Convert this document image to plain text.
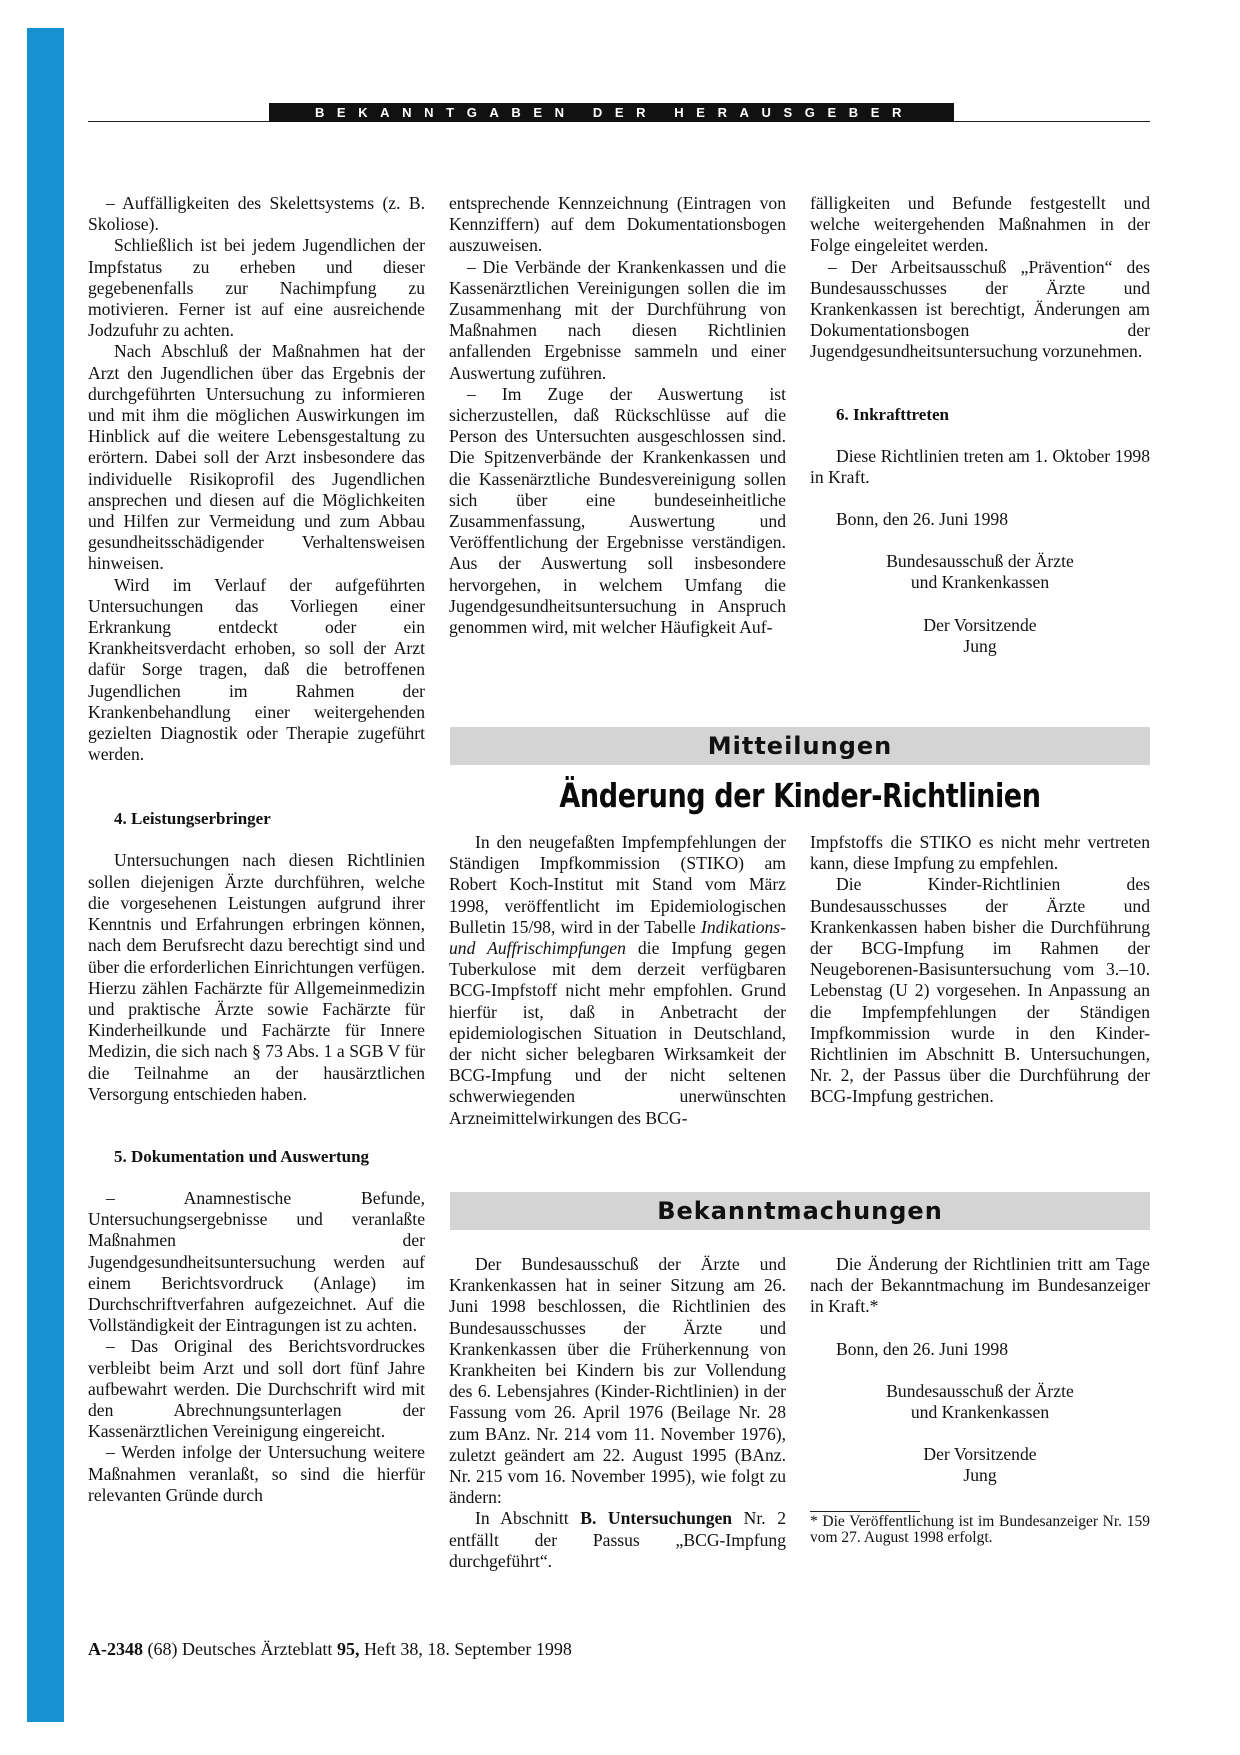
BEKANNTGABEN DER HERAUSGEBER

– Auffälligkeiten des Skelettsystems (z. B. Skoliose).

Schließlich ist bei jedem Jugendlichen der Impfstatus zu erheben und dieser gegebenenfalls zur Nachimpfung zu motivieren. Ferner ist auf eine ausreichende Jodzufuhr zu achten.

Nach Abschluß der Maßnahmen hat der Arzt den Jugendlichen über das Ergebnis der durchgeführten Untersuchung zu informieren und mit ihm die möglichen Auswirkungen im Hinblick auf die weitere Lebensgestaltung zu erörtern. Dabei soll der Arzt insbesondere das individuelle Risikoprofil des Jugendlichen ansprechen und diesen auf die Möglichkeiten und Hilfen zur Vermeidung und zum Abbau gesundheitsschädigender Verhaltensweisen hinweisen.

Wird im Verlauf der aufgeführten Untersuchungen das Vorliegen einer Erkrankung entdeckt oder ein Krankheitsverdacht erhoben, so soll der Arzt dafür Sorge tragen, daß die betroffenen Jugendlichen im Rahmen der Krankenbehandlung einer weitergehenden gezielten Diagnostik oder Therapie zugeführt werden.

4. Leistungserbringer

Untersuchungen nach diesen Richtlinien sollen diejenigen Ärzte durchführen, welche die vorgesehenen Leistungen aufgrund ihrer Kenntnis und Erfahrungen erbringen können, nach dem Berufsrecht dazu berechtigt sind und über die erforderlichen Einrichtungen verfügen. Hierzu zählen Fachärzte für Allgemeinmedizin und praktische Ärzte sowie Fachärzte für Kinderheilkunde und Fachärzte für Innere Medizin, die sich nach § 73 Abs. 1 a SGB V für die Teilnahme an der hausärztlichen Versorgung entschieden haben.

5. Dokumentation und Auswertung

– Anamnestische Befunde, Untersuchungsergebnisse und veranlaßte Maßnahmen der Jugendgesundheitsuntersuchung werden auf einem Berichtsvordruck (Anlage) im Durchschriftverfahren aufgezeichnet. Auf die Vollständigkeit der Eintragungen ist zu achten.

– Das Original des Berichtsvordruckes verbleibt beim Arzt und soll dort fünf Jahre aufbewahrt werden. Die Durchschrift wird mit den Abrechnungsunterlagen der Kassenärztlichen Vereinigung eingereicht.

– Werden infolge der Untersuchung weitere Maßnahmen veranlaßt, so sind die hierfür relevanten Gründe durch

entsprechende Kennzeichnung (Eintragen von Kennziffern) auf dem Dokumentationsbogen auszuweisen.

– Die Verbände der Krankenkassen und die Kassenärztlichen Vereinigungen sollen die im Zusammenhang mit der Durchführung von Maßnahmen nach diesen Richtlinien anfallenden Ergebnisse sammeln und einer Auswertung zuführen.

– Im Zuge der Auswertung ist sicherzustellen, daß Rückschlüsse auf die Person des Untersuchten ausgeschlossen sind. Die Spitzenverbände der Krankenkassen und die Kassenärztliche Bundesvereinigung sollen sich über eine bundeseinheitliche Zusammenfassung, Auswertung und Veröffentlichung der Ergebnisse verständigen. Aus der Auswertung soll insbesondere hervorgehen, in welchem Umfang die Jugendgesundheitsuntersuchung in Anspruch genommen wird, mit welcher Häufigkeit Auf-

fälligkeiten und Befunde festgestellt und welche weitergehenden Maßnahmen in der Folge eingeleitet werden.

– Der Arbeitsausschuß „Prävention“ des Bundesausschusses der Ärzte und Krankenkassen ist berechtigt, Änderungen am Dokumentationsbogen der Jugendgesundheitsuntersuchung vorzunehmen.

6. Inkrafttreten

Diese Richtlinien treten am 1. Oktober 1998 in Kraft.

Bonn, den 26. Juni 1998

Bundesausschuß der Ärzte

und Krankenkassen

Der Vorsitzende

Jung

Mitteilungen
Änderung der Kinder-Richtlinien

In den neugefaßten Impfempfehlungen der Ständigen Impfkommission (STIKO) am Robert Koch-Institut mit Stand vom März 1998, veröffentlicht im Epidemiologischen Bulletin 15/98, wird in der Tabelle Indikations- und Auffrischimpfungen die Impfung gegen Tuberkulose mit dem derzeit verfügbaren BCG-Impfstoff nicht mehr empfohlen. Grund hierfür ist, daß in Anbetracht der epidemiologischen Situation in Deutschland, der nicht sicher belegbaren Wirksamkeit der BCG-Impfung und der nicht seltenen schwerwiegenden unerwünschten Arzneimittelwirkungen des BCG-

Impfstoffs die STIKO es nicht mehr vertreten kann, diese Impfung zu empfehlen.

Die Kinder-Richtlinien des Bundesausschusses der Ärzte und Krankenkassen haben bisher die Durchführung der BCG-Impfung im Rahmen der Neugeborenen-Basisuntersuchung vom 3.–10. Lebenstag (U 2) vorgesehen. In Anpassung an die Impfempfehlungen der Ständigen Impfkommission wurde in den Kinder-Richtlinien im Abschnitt B. Untersuchungen, Nr. 2, der Passus über die Durchführung der BCG-Impfung gestrichen.

Bekanntmachungen

Der Bundesausschuß der Ärzte und Krankenkassen hat in seiner Sitzung am 26. Juni 1998 beschlossen, die Richtlinien des Bundesausschusses der Ärzte und Krankenkassen über die Früherkennung von Krankheiten bei Kindern bis zur Vollendung des 6. Lebensjahres (Kinder-Richtlinien) in der Fassung vom 26. April 1976 (Beilage Nr. 28 zum BAnz. Nr. 214 vom 11. November 1976), zuletzt geändert am 22. August 1995 (BAnz. Nr. 215 vom 16. November 1995), wie folgt zu ändern:

In Abschnitt B. Untersuchungen Nr. 2 entfällt der Passus „BCG-Impfung durchgeführt“.

Die Änderung der Richtlinien tritt am Tage nach der Bekanntmachung im Bundesanzeiger in Kraft.*

Bonn, den 26. Juni 1998

Bundesausschuß der Ärzte

und Krankenkassen

Der Vorsitzende

Jung

* Die Veröffentlichung ist im Bundesanzeiger Nr. 159 vom 27. August 1998 erfolgt.

A-2348 (68) Deutsches Ärzteblatt 95, Heft 38, 18. September 1998
